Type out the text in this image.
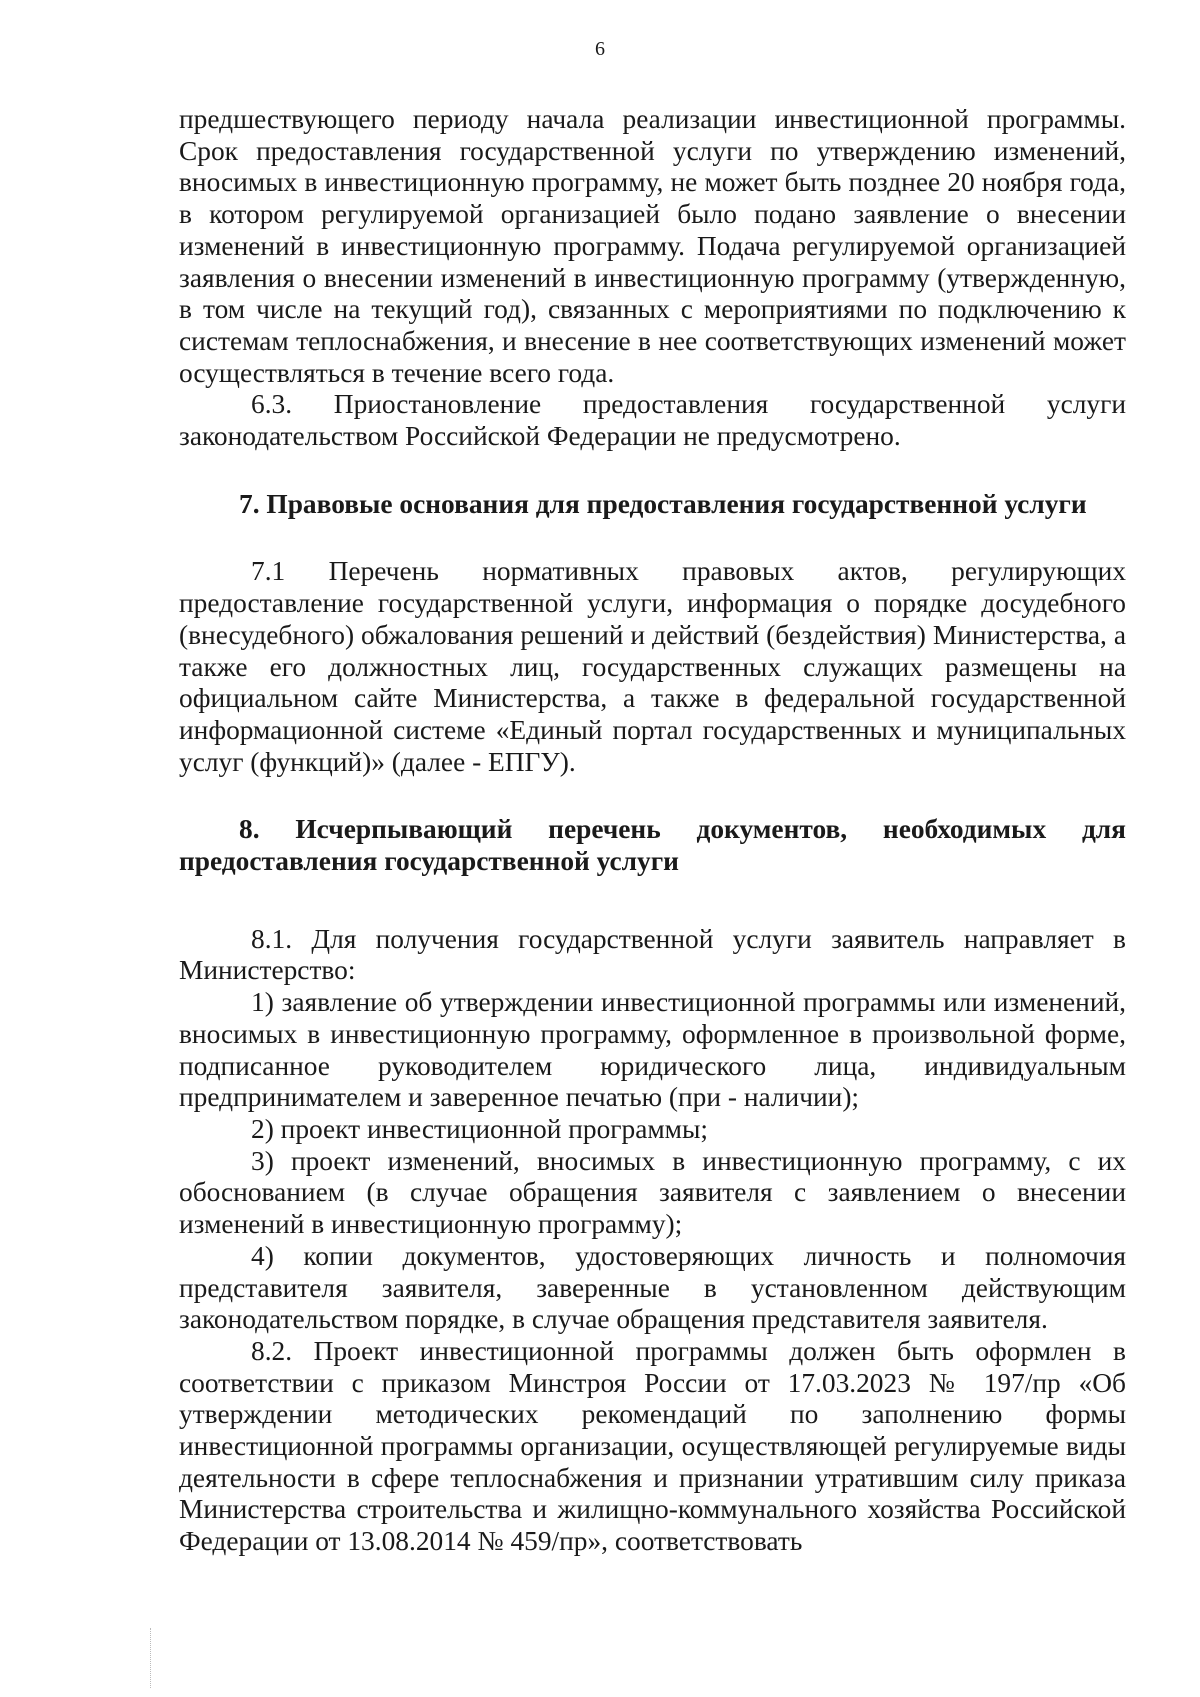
6

предшествующего периоду начала реализации инвестиционной программы. Срок предоставления государственной услуги по утверждению изменений, вносимых в инвестиционную программу, не может быть позднее 20 ноября года, в котором регулируемой организацией было подано заявление о внесении изменений в инвестиционную программу. Подача регулируемой организацией заявления о внесении изменений в инвестиционную программу (утвержденную, в том числе на текущий год), связанных с мероприятиями по подключению к системам теплоснабжения, и внесение в нее соответствующих изменений может осуществляться в течение всего года.

6.3. Приостановление предоставления государственной услуги законодательством Российской Федерации не предусмотрено.

7. Правовые основания для предоставления государственной услуги

7.1 Перечень нормативных правовых актов, регулирующих предоставление государственной услуги, информация о порядке досудебного (внесудебного) обжалования решений и действий (бездействия) Министерства, а также его должностных лиц, государственных служащих размещены на официальном сайте Министерства, а также в федеральной государственной информационной системе «Единый портал государственных и муниципальных услуг (функций)» (далее - ЕПГУ).

8. Исчерпывающий перечень документов, необходимых для предоставления государственной услуги

8.1. Для получения государственной услуги заявитель направляет в Министерство:

1) заявление об утверждении инвестиционной программы или изменений, вносимых в инвестиционную программу, оформленное в произвольной форме, подписанное руководителем юридического лица, индивидуальным предпринимателем и заверенное печатью (при - наличии);

2) проект инвестиционной программы;

3) проект изменений, вносимых в инвестиционную программу, с их обоснованием (в случае обращения заявителя с заявлением о внесении изменений в инвестиционную программу);

4) копии документов, удостоверяющих личность и полномочия представителя заявителя, заверенные в установленном действующим законодательством порядке, в случае обращения представителя заявителя.

8.2. Проект инвестиционной программы должен быть оформлен в соответствии с приказом Минстроя России от 17.03.2023 № 197/пр «Об утверждении методических рекомендаций по заполнению формы инвестиционной программы организации, осуществляющей регулируемые виды деятельности в сфере теплоснабжения и признании утратившим силу приказа Министерства строительства и жилищно-коммунального хозяйства Российской Федерации от 13.08.2014 № 459/пр», соответствовать
